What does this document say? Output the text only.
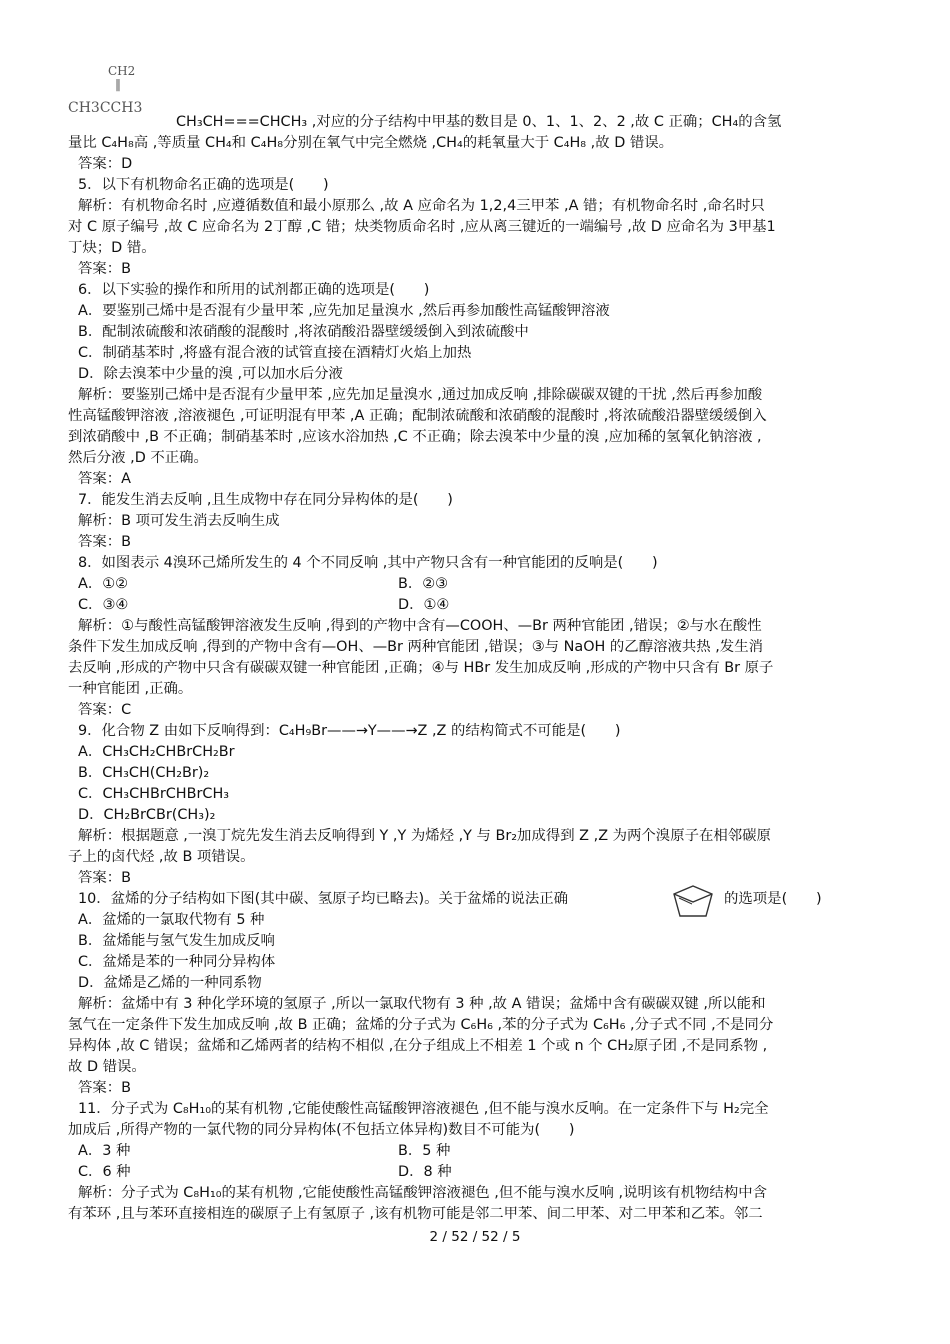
CH2
‖
CH3CCH3
CH₃CH===CHCH₃ ,对应的分子结构中甲基的数目是 0、1、1、2、2 ,故 C 正确；CH₄的含氢
量比 C₄H₈高 ,等质量 CH₄和 C₄H₈分别在氧气中完全燃烧 ,CH₄的耗氧量大于 C₄H₈ ,故 D 错误。
答案：D
5．以下有机物命名正确的选项是(　　)
解析：有机物命名时 ,应遵循数值和最小原那么 ,故 A 应命名为 1,2,4三甲苯 ,A 错；有机物命名时 ,命名时只
对 C 原子编号 ,故 C 应命名为 2丁醇 ,C 错；炔类物质命名时 ,应从离三键近的一端编号 ,故 D 应命名为 3甲基1
丁炔；D 错。
答案：B
6．以下实验的操作和所用的试剂都正确的选项是(　　)
A．要鉴别己烯中是否混有少量甲苯 ,应先加足量溴水 ,然后再参加酸性高锰酸钾溶液
B．配制浓硫酸和浓硝酸的混酸时 ,将浓硝酸沿器壁缓缓倒入到浓硫酸中
C．制硝基苯时 ,将盛有混合液的试管直接在酒精灯火焰上加热
D．除去溴苯中少量的溴 ,可以加水后分液
解析：要鉴别己烯中是否混有少量甲苯 ,应先加足量溴水 ,通过加成反响 ,排除碳碳双键的干扰 ,然后再参加酸
性高锰酸钾溶液 ,溶液褪色 ,可证明混有甲苯 ,A 正确；配制浓硫酸和浓硝酸的混酸时 ,将浓硫酸沿器壁缓缓倒入
到浓硝酸中 ,B 不正确；制硝基苯时 ,应该水浴加热 ,C 不正确；除去溴苯中少量的溴 ,应加稀的氢氧化钠溶液 ,
然后分液 ,D 不正确。
答案：A
7．能发生消去反响 ,且生成物中存在同分异构体的是(　　)
解析：B 项可发生消去反响生成
答案：B
8．如图表示 4溴环己烯所发生的 4 个不同反响 ,其中产物只含有一种官能团的反响是(　　)
A．①②	B．②③
C．③④	D．①④
解析：①与酸性高锰酸钾溶液发生反响 ,得到的产物中含有—COOH、—Br 两种官能团 ,错误；②与水在酸性
条件下发生加成反响 ,得到的产物中含有—OH、—Br 两种官能团 ,错误；③与 NaOH 的乙醇溶液共热 ,发生消
去反响 ,形成的产物中只含有碳碳双键一种官能团 ,正确；④与 HBr 发生加成反响 ,形成的产物中只含有 Br 原子
一种官能团 ,正确。
答案：C
9．化合物 Z 由如下反响得到：C₄H₉Br——→Y——→Z ,Z 的结构简式不可能是(　　)
A．CH₃CH₂CHBrCH₂Br
B．CH₃CH(CH₂Br)₂
C．CH₃CHBrCHBrCH₃
D．CH₂BrCBr(CH₃)₂
解析：根据题意 ,一溴丁烷先发生消去反响得到 Y ,Y 为烯烃 ,Y 与 Br₂加成得到 Z ,Z 为两个溴原子在相邻碳原
子上的卤代烃 ,故 B 项错误。
答案：B
10．盆烯的分子结构如下图(其中碳、氢原子均已略去)。关于盆烯的说法正确	的选项是(　　)
A．盆烯的一氯取代物有 5 种
B．盆烯能与氢气发生加成反响
C．盆烯是苯的一种同分异构体
D．盆烯是乙烯的一种同系物
解析：盆烯中有 3 种化学环境的氢原子 ,所以一氯取代物有 3 种 ,故 A 错误；盆烯中含有碳碳双键 ,所以能和
氢气在一定条件下发生加成反响 ,故 B 正确；盆烯的分子式为 C₆H₆ ,苯的分子式为 C₆H₆ ,分子式不同 ,不是同分
异构体 ,故 C 错误；盆烯和乙烯两者的结构不相似 ,在分子组成上不相差 1 个或 n 个 CH₂原子团 ,不是同系物 ,
故 D 错误。
答案：B
11．分子式为 C₈H₁₀的某有机物 ,它能使酸性高锰酸钾溶液褪色 ,但不能与溴水反响。在一定条件下与 H₂完全
加成后 ,所得产物的一氯代物的同分异构体(不包括立体异构)数目不可能为(　　)
A．3 种	B．5 种
C．6 种	D．8 种
解析：分子式为 C₈H₁₀的某有机物 ,它能使酸性高锰酸钾溶液褪色 ,但不能与溴水反响 ,说明该有机物结构中含
有苯环 ,且与苯环直接相连的碳原子上有氢原子 ,该有机物可能是邻二甲苯、间二甲苯、对二甲苯和乙苯。邻二
2 / 52 / 52 / 5
